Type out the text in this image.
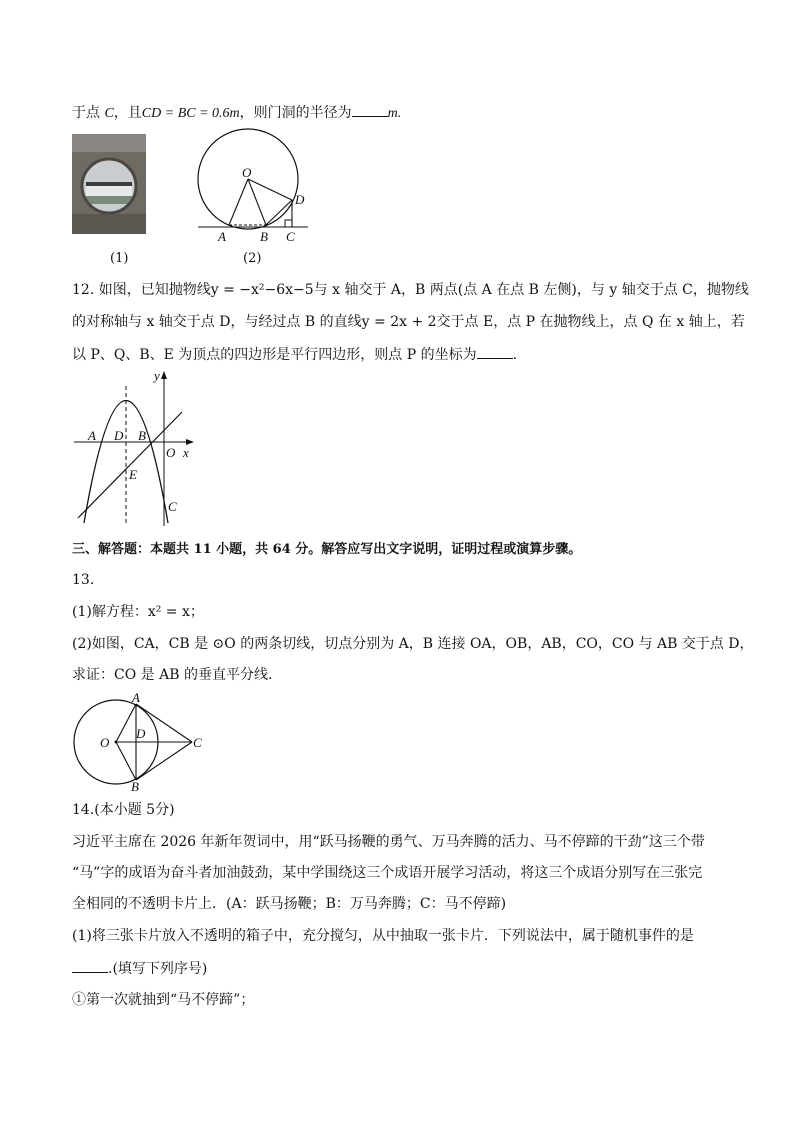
于点 C，且CD = BC = 0.6m，则门洞的半径为	m.
(1)
O
D
A	B C
(2)
12. 如图，已知抛物线y = −x²−6x−5与 x 轴交于 A，B 两点(点 A 在点 B 左侧)，与 y 轴交于点 C，抛物线
的对称轴与 x 轴交于点 D，与经过点 B 的直线y = 2x + 2交于点 E，点 P 在抛物线上，点 Q 在 x 轴上，若
以 P、Q、B、E 为顶点的四边形是平行四边形，则点 P 的坐标为	.
y
A D B
O x
E
C
三、解答题：本题共 11 小题，共 64 分。解答应写出文字说明，证明过程或演算步骤。
13.
(1)解方程：x² = x；
(2)如图，CA，CB 是 ⊙O 的两条切线，切点分别为 A，B 连接 OA，OB，AB，CO，CO 与 AB 交于点 D，
求证：CO 是 AB 的垂直平分线.
A
O
D
C
B
14.(本小题 5分)
习近平主席在 2026 年新年贺词中，用“跃马扬鞭的勇气、万马奔腾的活力、马不停蹄的干劲”这三个带
“马”字的成语为奋斗者加油鼓劲，某中学围绕这三个成语开展学习活动，将这三个成语分别写在三张完
全相同的不透明卡片上．(A：跃马扬鞭；B：万马奔腾；C：马不停蹄)
(1)将三张卡片放入不透明的箱子中，充分搅匀，从中抽取一张卡片．下列说法中，属于随机事件的是
.(填写下列序号)
①第一次就抽到“马不停蹄”；
